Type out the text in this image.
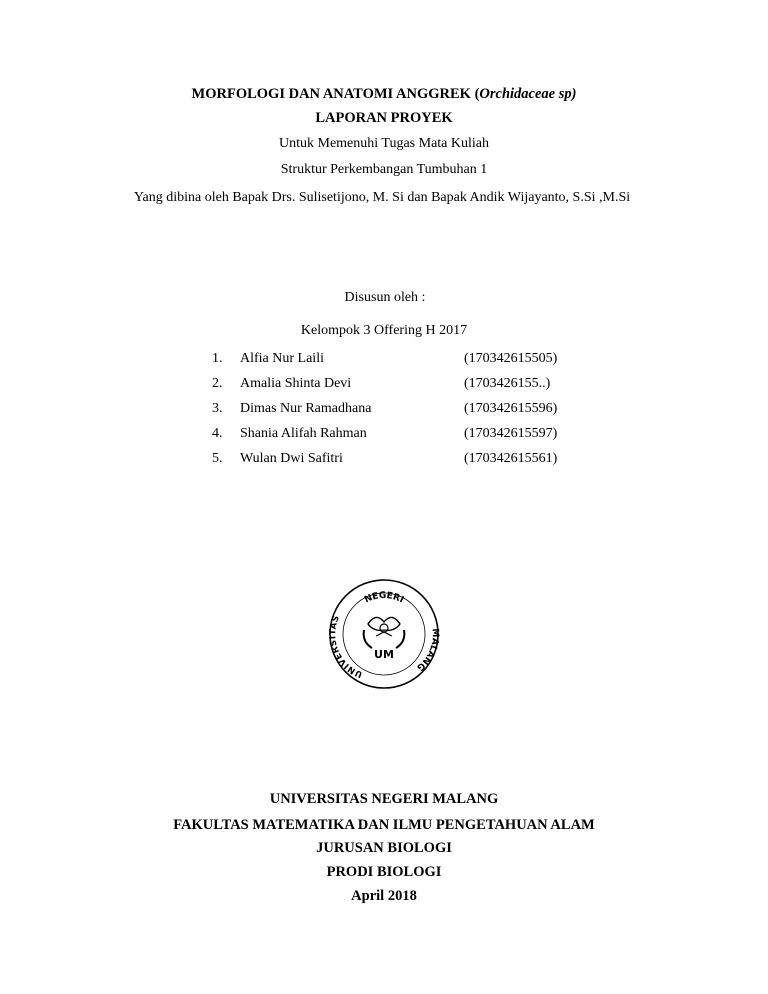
MORFOLOGI DAN ANATOMI ANGGREK (Orchidaceae sp)
LAPORAN PROYEK
Untuk Memenuhi Tugas Mata Kuliah
Struktur Perkembangan Tumbuhan 1
Yang dibina oleh Bapak Drs. Sulisetijono, M. Si dan Bapak Andik Wijayanto, S.Si ,M.Si
Disusun oleh :
Kelompok 3 Offering H 2017
1. Alfia Nur Laili	(170342615505)
2. Amalia Shinta Devi	(1703426155..)
3. Dimas Nur Ramadhana	(170342615596)
4. Shania Alifah Rahman	(170342615597)
5. Wulan Dwi Safitri	(170342615561)
NEGERI
UNIVERSITAS
MALANG
UM
UNIVERSITAS NEGERI MALANG
FAKULTAS MATEMATIKA DAN ILMU PENGETAHUAN ALAM
JURUSAN BIOLOGI
PRODI BIOLOGI
April 2018
